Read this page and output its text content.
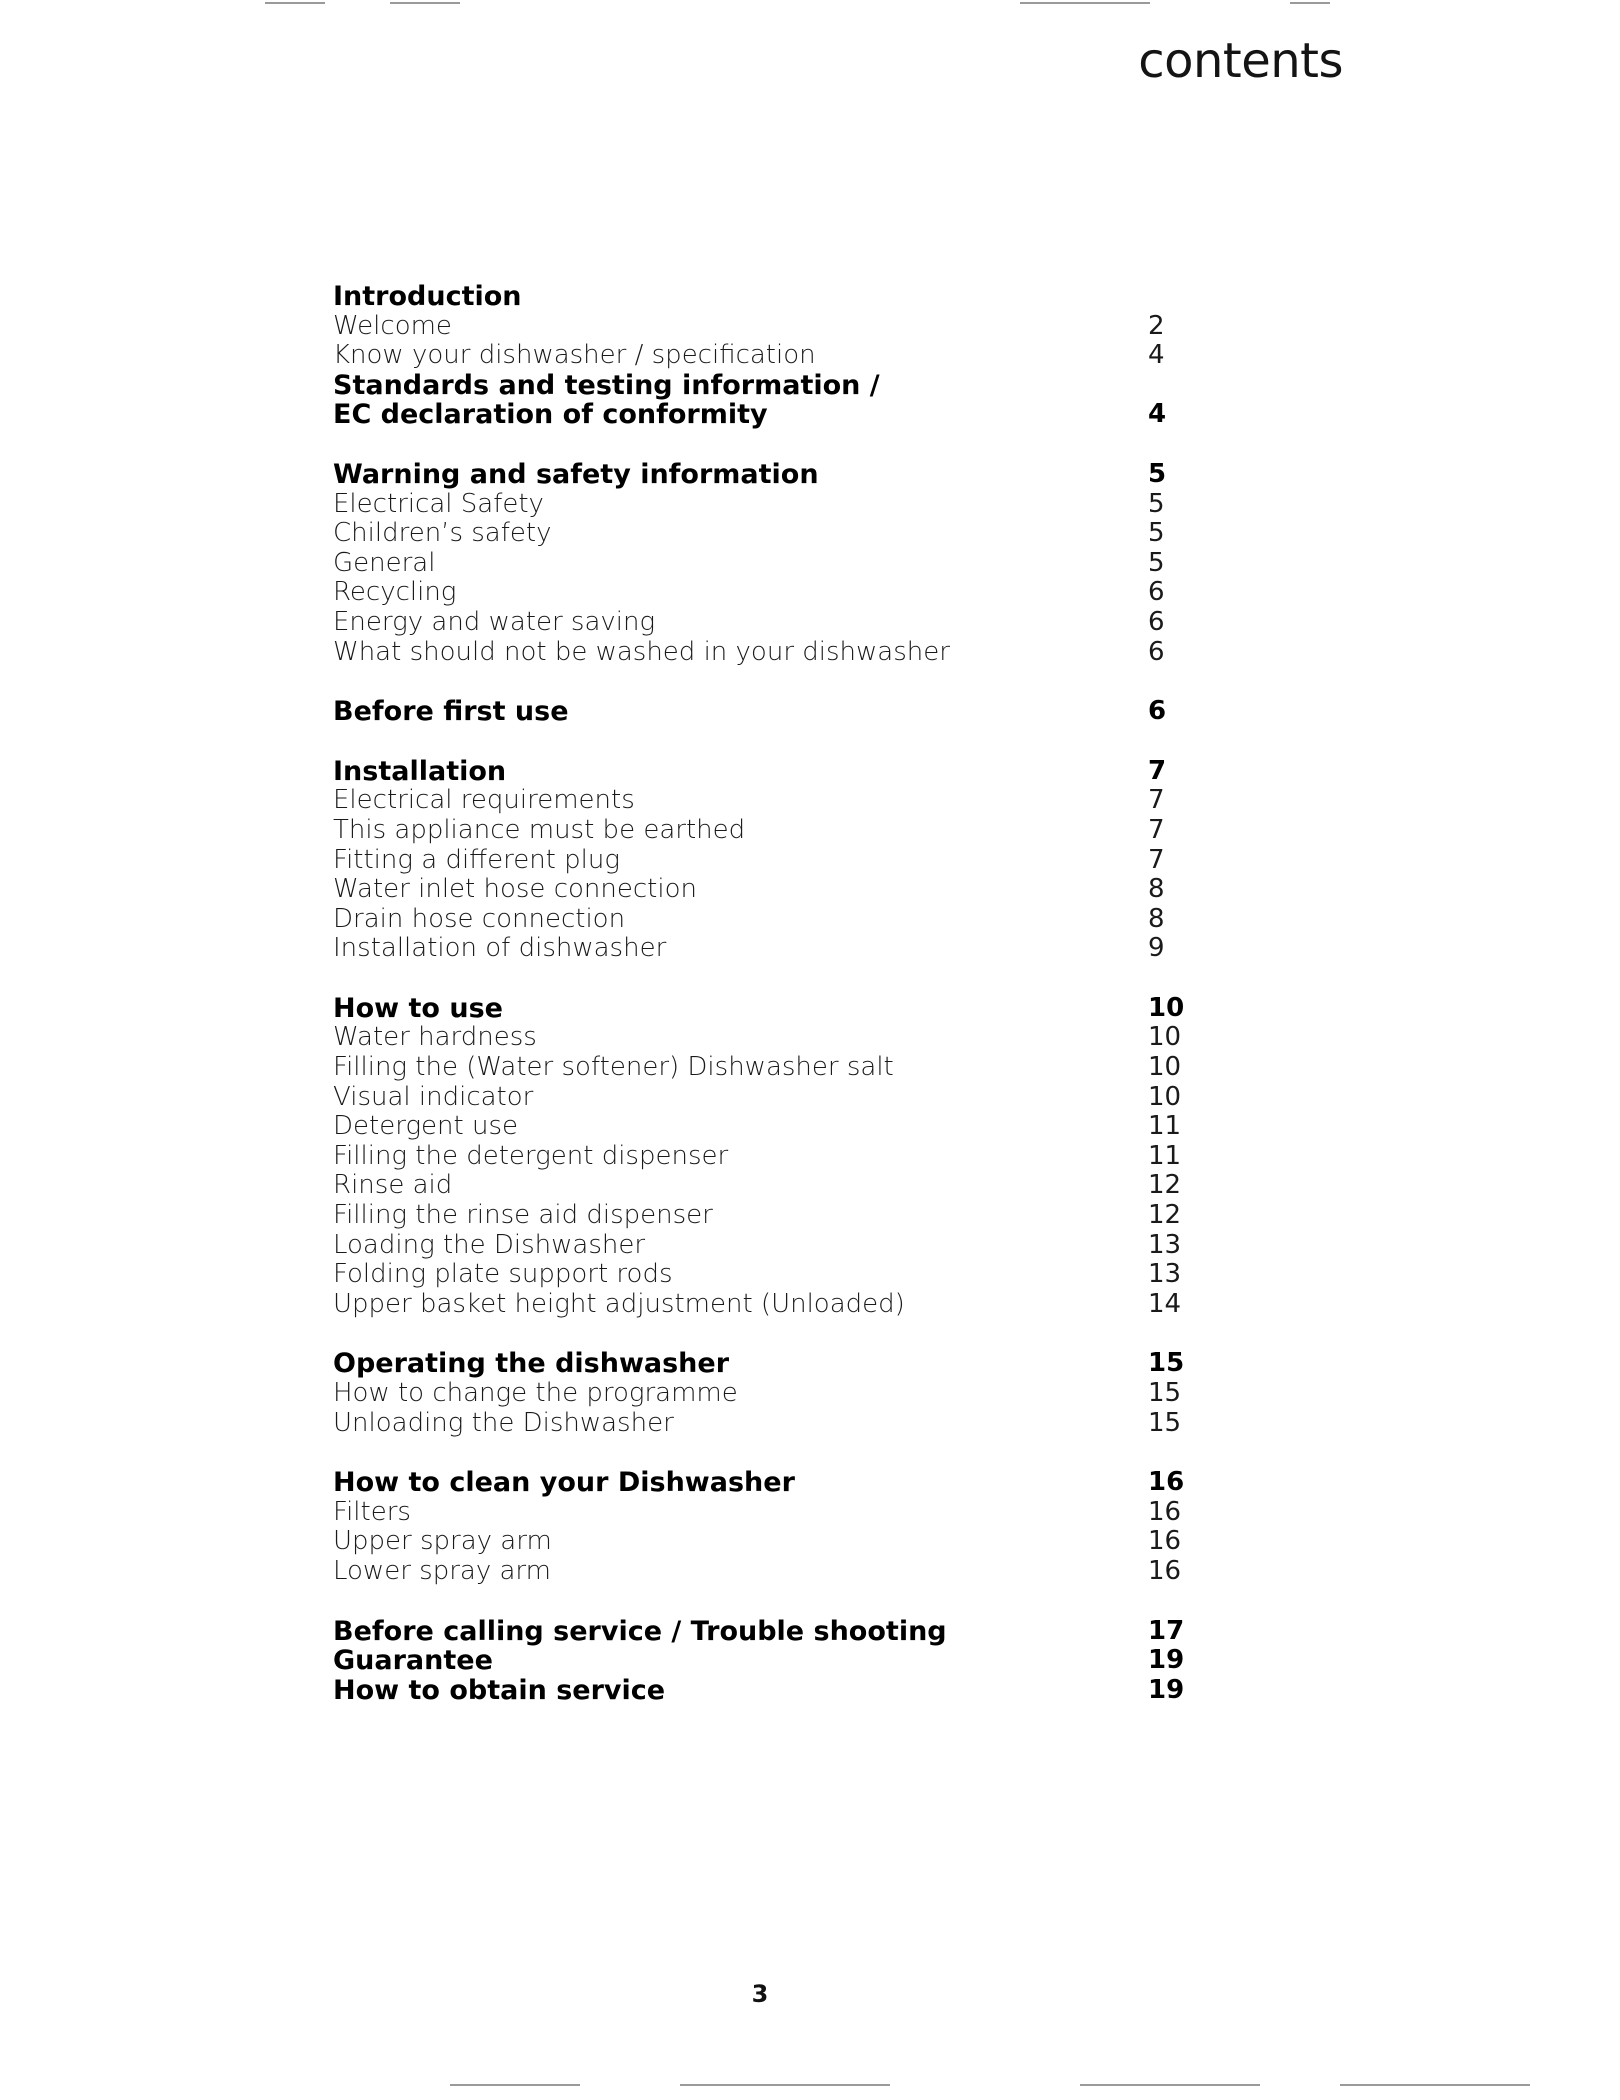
contents
Introduction
Welcome	2
Know your dishwasher / specification	4
Standards and testing information /
EC declaration of conformity	4
Warning and safety information	5
Electrical Safety	5
Children’s safety	5
General	5
Recycling	6
Energy and water saving	6
What should not be washed in your dishwasher	6
Before first use	6
Installation	7
Electrical requirements	7
This appliance must be earthed	7
Fitting a different plug	7
Water inlet hose connection	8
Drain hose connection	8
Installation of dishwasher	9
How to use	10
Water hardness	10
Filling the (Water softener) Dishwasher salt	10
Visual indicator	10
Detergent use	11
Filling the detergent dispenser	11
Rinse aid	12
Filling the rinse aid dispenser	12
Loading the Dishwasher	13
Folding plate support rods	13
Upper basket height adjustment (Unloaded)	14
Operating the dishwasher	15
How to change the programme	15
Unloading the Dishwasher	15
How to clean your Dishwasher	16
Filters	16
Upper spray arm	16
Lower spray arm	16
Before calling service / Trouble shooting	17
Guarantee	19
How to obtain service	19
3
